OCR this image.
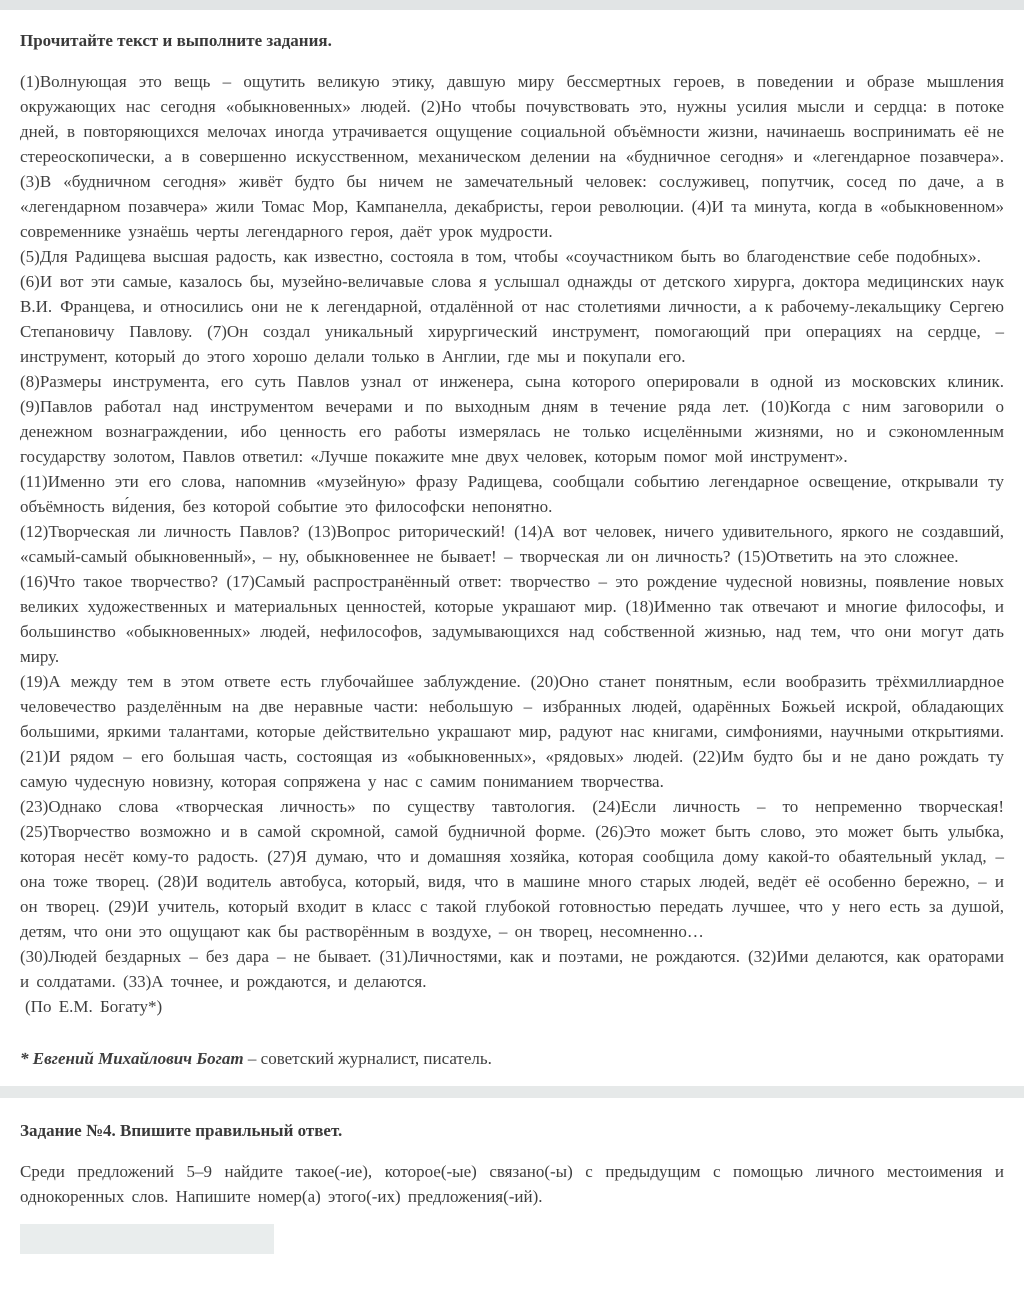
Прочитайте текст и выполните задания.

(1)Волнующая это вещь – ощутить великую этику, давшую миру бессмертных героев, в поведении и образе мышления окружающих нас сегодня «обыкновенных» людей. (2)Но чтобы почувствовать это, нужны усилия мысли и сердца: в потоке дней, в повторяющихся мелочах иногда утрачивается ощущение социальной объёмности жизни, начинаешь воспринимать её не стереоскопически, а в совершенно искусственном, механическом делении на «будничное сегодня» и «легендарное позавчера». (3)В «будничном сегодня» живёт будто бы ничем не замечательный человек: сослуживец, попутчик, сосед по даче, а в «легендарном позавчера» жили Томас Мор, Кампанелла, декабристы, герои революции. (4)И та минута, когда в «обыкновенном» современнике узнаёшь черты легендарного героя, даёт урок мудрости.

(5)Для Радищева высшая радость, как известно, состояла в том, чтобы «соучастником быть во благоденствие себе подобных».

(6)И вот эти самые, казалось бы, музейно-величавые слова я услышал однажды от детского хирурга, доктора медицинских наук В.И. Францева, и относились они не к легендарной, отдалённой от нас столетиями личности, а к рабочему-лекальщику Сергею Степановичу Павлову. (7)Он создал уникальный хирургический инструмент, помогающий при операциях на сердце, – инструмент, который до этого хорошо делали только в Англии, где мы и покупали его.

(8)Размеры инструмента, его суть Павлов узнал от инженера, сына которого оперировали в одной из московских клиник. (9)Павлов работал над инструментом вечерами и по выходным дням в течение ряда лет. (10)Когда с ним заговорили о денежном вознаграждении, ибо ценность его работы измерялась не только исцелёнными жизнями, но и сэкономленным государству золотом, Павлов ответил: «Лучше покажите мне двух человек, которым помог мой инструмент».

(11)Именно эти его слова, напомнив «музейную» фразу Радищева, сообщали событию легендарное освещение, открывали ту объёмность ви́дения, без которой событие это философски непонятно.

(12)Творческая ли личность Павлов? (13)Вопрос риторический! (14)А вот человек, ничего удивительного, яркого не создавший, «самый-самый обыкновенный», – ну, обыкновеннее не бывает! – творческая ли он личность? (15)Ответить на это сложнее.

(16)Что такое творчество? (17)Самый распространённый ответ: творчество – это рождение чудесной новизны, появление новых великих художественных и материальных ценностей, которые украшают мир. (18)Именно так отвечают и многие философы, и большинство «обыкновенных» людей, нефилософов, задумывающихся над собственной жизнью, над тем, что они могут дать миру.

(19)А между тем в этом ответе есть глубочайшее заблуждение. (20)Оно станет понятным, если вообразить трёхмиллиардное человечество разделённым на две неравные части: небольшую – избранных людей, одарённых Божьей искрой, обладающих большими, яркими талантами, которые действительно украшают мир, радуют нас книгами, симфониями, научными открытиями. (21)И рядом – его большая часть, состоящая из «обыкновенных», «рядовых» людей. (22)Им будто бы и не дано рождать ту самую чудесную новизну, которая сопряжена у нас с самим пониманием творчества.

(23)Однако слова «творческая личность» по существу тавтология. (24)Если личность – то непременно творческая! (25)Творчество возможно и в самой скромной, самой будничной форме. (26)Это может быть слово, это может быть улыбка, которая несёт кому-то радость. (27)Я думаю, что и домашняя хозяйка, которая сообщила дому какой-то обаятельный уклад, – она тоже творец. (28)И водитель автобуса, который, видя, что в машине много старых людей, ведёт её особенно бережно, – и он творец. (29)И учитель, который входит в класс с такой глубокой готовностью передать лучшее, что у него есть за душой, детям, что они это ощущают как бы растворённым в воздухе, – он творец, несомненно…

(30)Людей бездарных – без дара – не бывает. (31)Личностями, как и поэтами, не рождаются. (32)Ими делаются, как ораторами и солдатами. (33)А точнее, и рождаются, и делаются.

(По Е.М. Богату*)

* Евгений Михайлович Богат – советский журналист, писатель.
Задание №4. Впишите правильный ответ.

Среди предложений 5–9 найдите такое(-ие), которое(-ые) связано(-ы) с предыдущим с помощью личного местоимения и однокоренных слов. Напишите номер(а) этого(-их) предложения(-ий).
